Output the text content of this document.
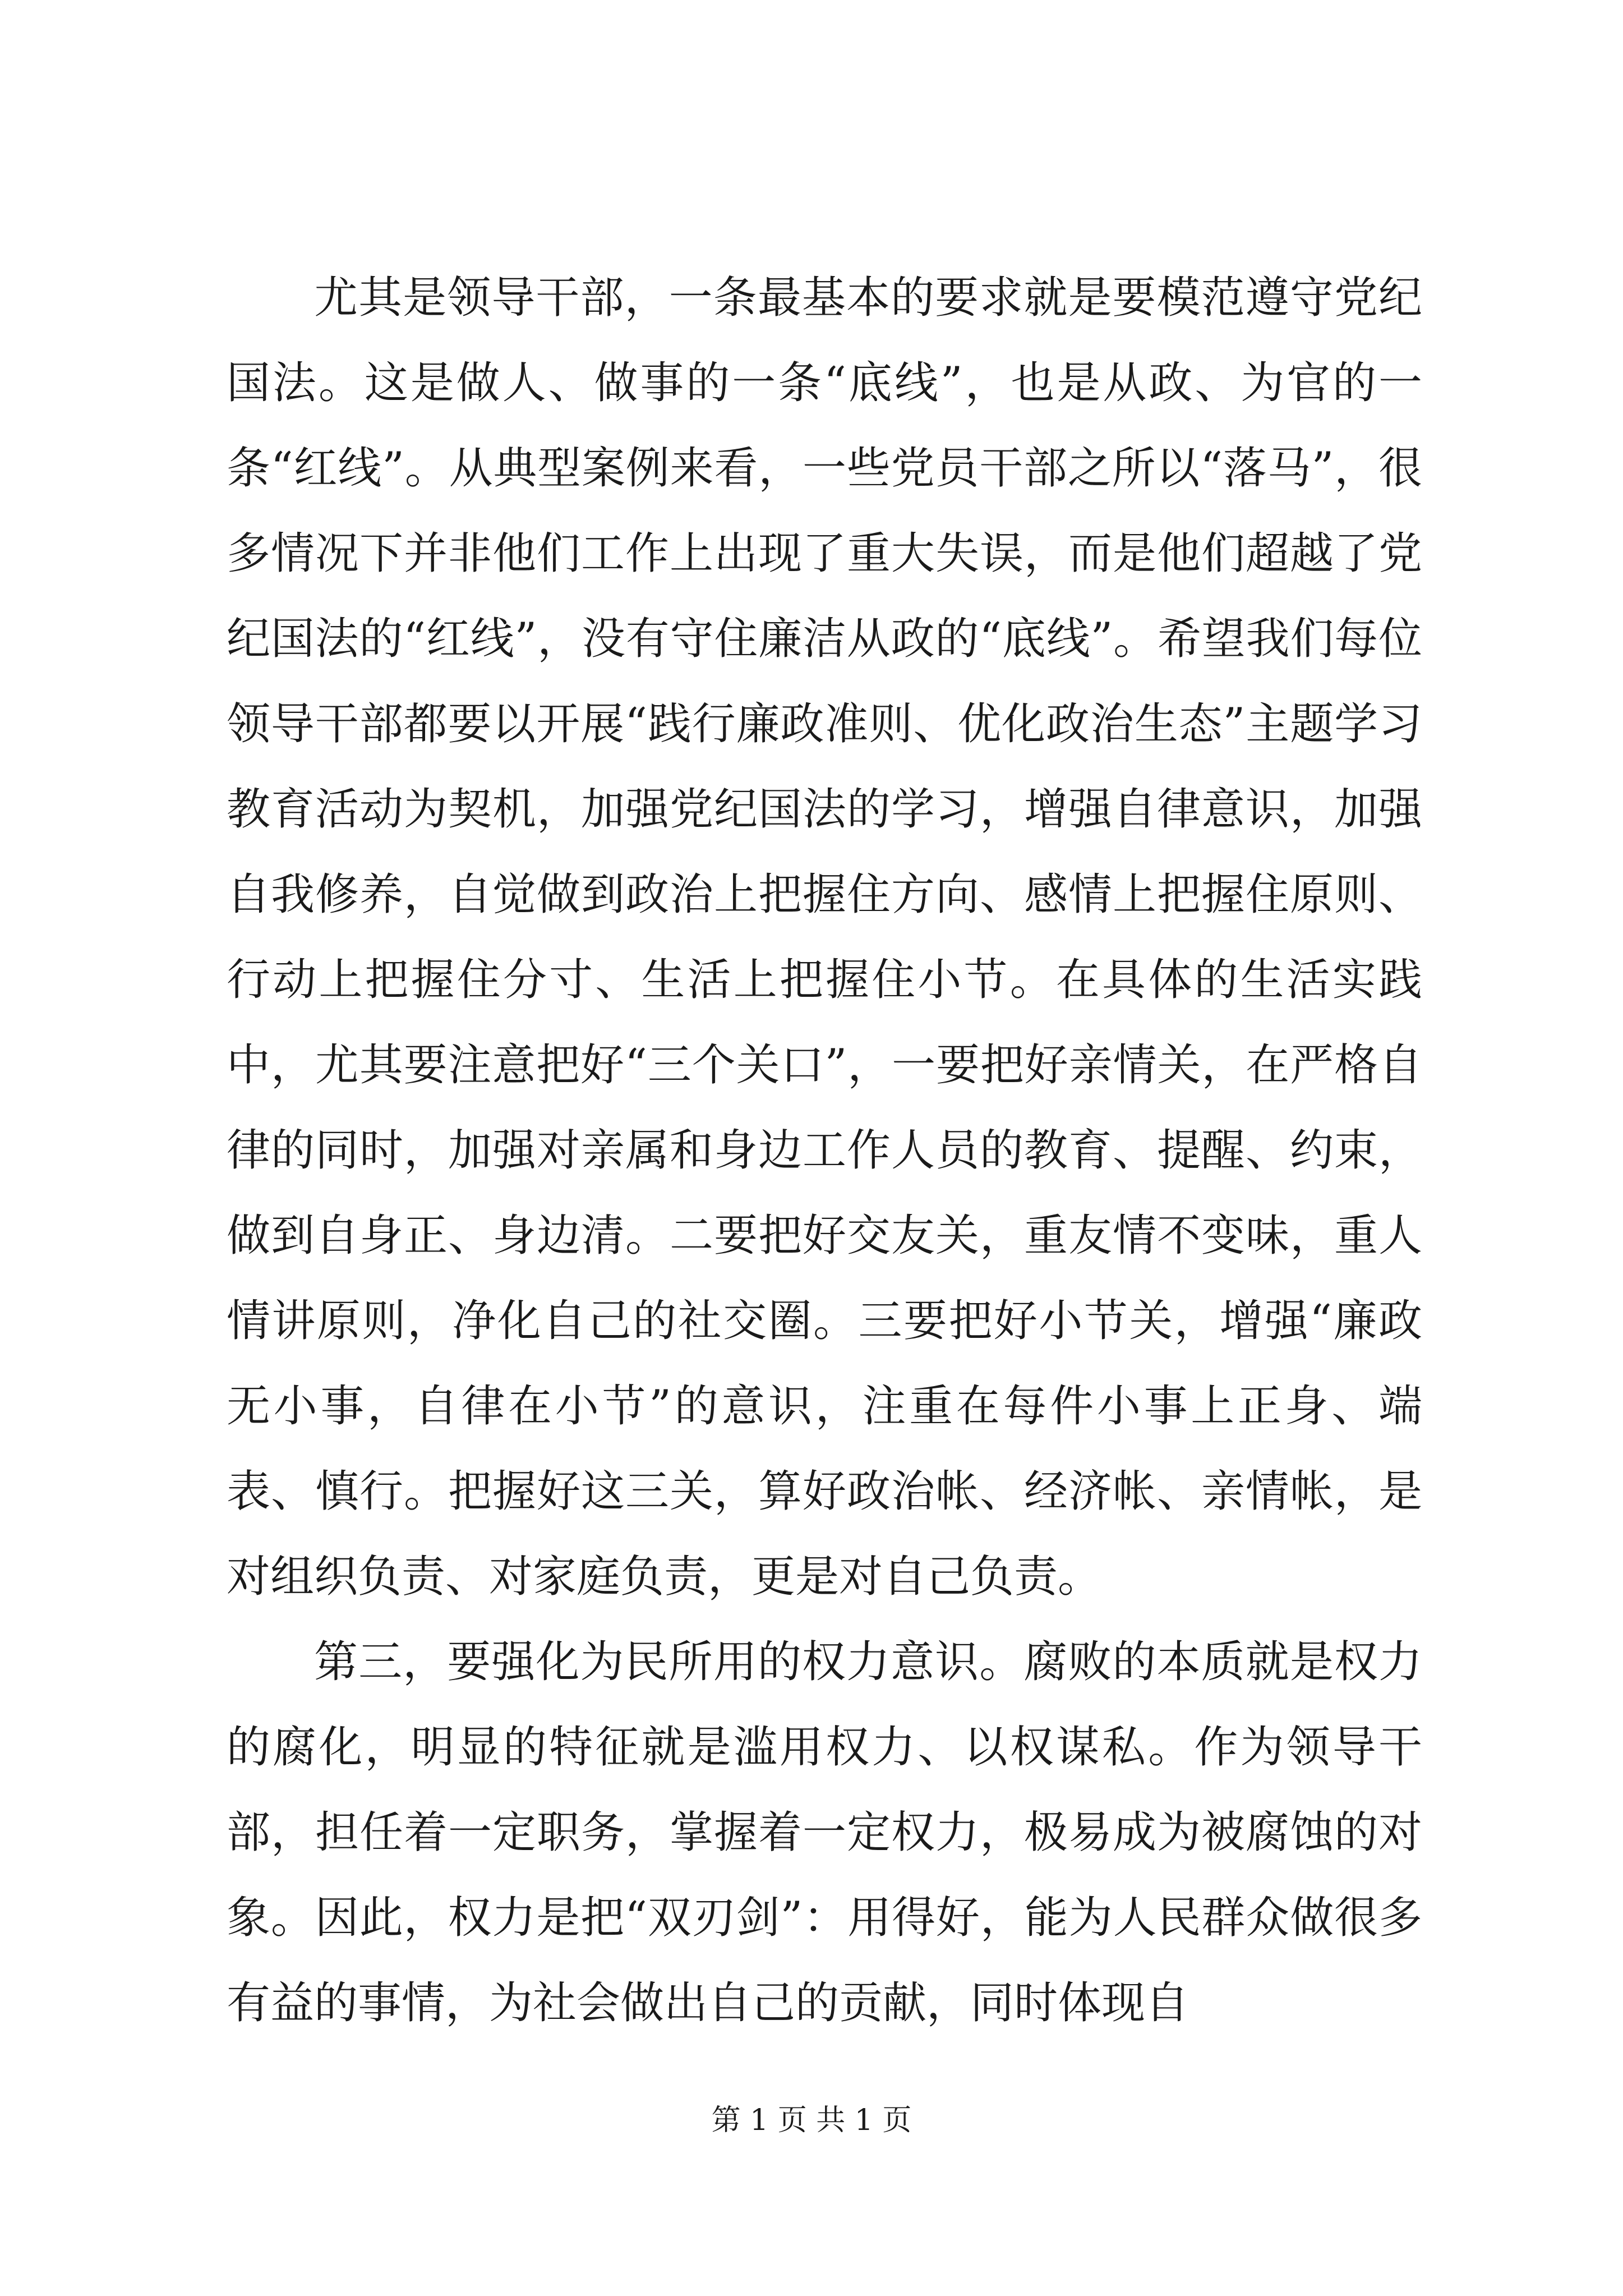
尤其是领导干部，一条最基本的要求就是要模范遵守党纪国法。这是做人、做事的一条“底线”，也是从政、为官的一条“红线”。从典型案例来看，一些党员干部之所以“落马”，很多情况下并非他们工作上出现了重大失误，而是他们超越了党纪国法的“红线”，没有守住廉洁从政的“底线”。希望我们每位领导干部都要以开展“践行廉政准则、优化政治生态”主题学习教育活动为契机，加强党纪国法的学习，增强自律意识，加强自我修养，自觉做到政治上把握住方向、感情上把握住原则、行动上把握住分寸、生活上把握住小节。在具体的生活实践中，尤其要注意把好“三个关口”，一要把好亲情关，在严格自律的同时，加强对亲属和身边工作人员的教育、提醒、约束，做到自身正、身边清。二要把好交友关，重友情不变味，重人情讲原则，净化自己的社交圈。三要把好小节关，增强“廉政无小事，自律在小节”的意识，注重在每件小事上正身、端表、慎行。把握好这三关，算好政治帐、经济帐、亲情帐，是对组织负责、对家庭负责，更是对自己负责。

第三，要强化为民所用的权力意识。腐败的本质就是权力的腐化，明显的特征就是滥用权力、以权谋私。作为领导干部，担任着一定职务，掌握着一定权力，极易成为被腐蚀的对象。因此，权力是把“双刃剑”：用得好，能为人民群众做很多有益的事情，为社会做出自己的贡献，同时体现自

第 1 页 共 1 页
